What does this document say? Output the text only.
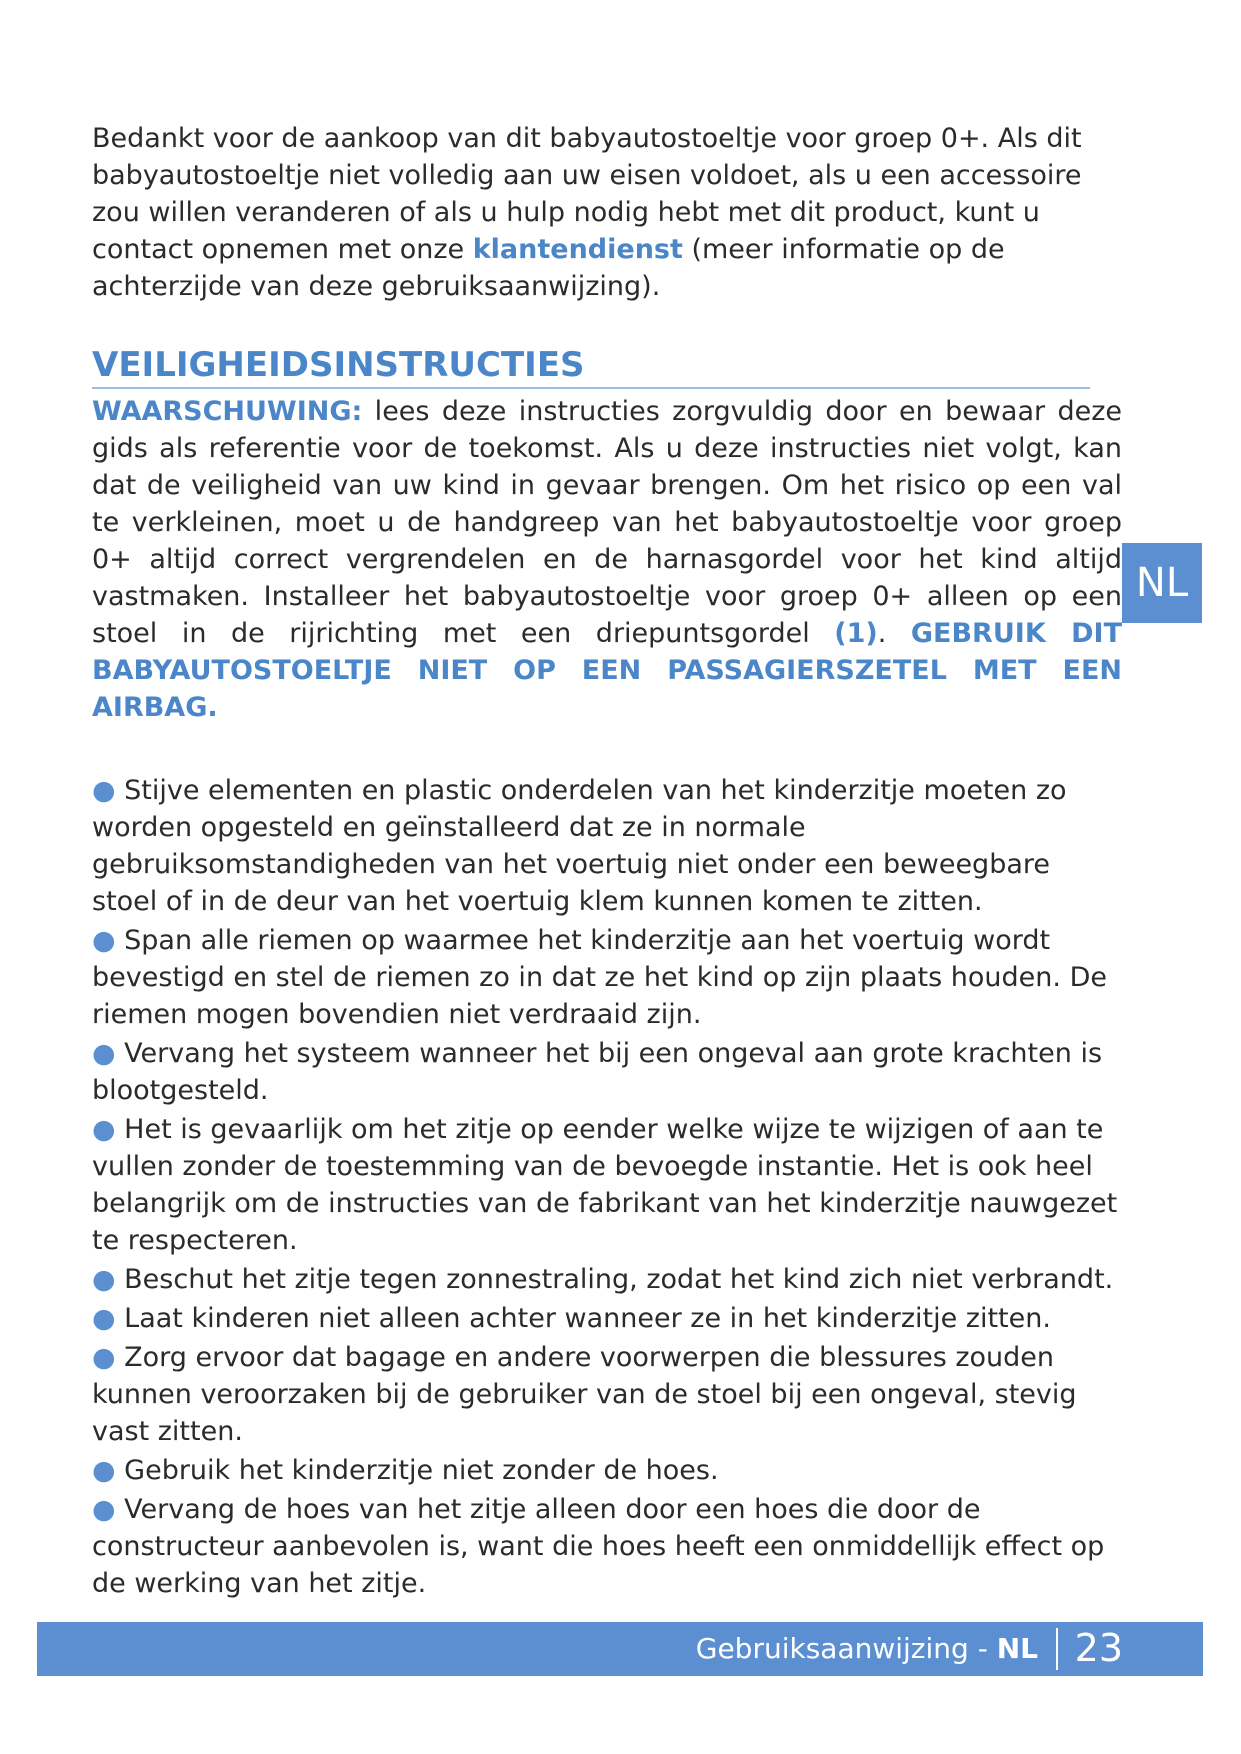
Bedankt voor de aankoop van dit babyautostoeltje voor groep 0+. Als dit babyautostoeltje niet volledig aan uw eisen voldoet, als u een accessoire zou willen veranderen of als u hulp nodig hebt met dit product, kunt u contact opnemen met onze klantendienst (meer informatie op de achterzijde van deze gebruiksaanwijzing).

VEILIGHEIDSINSTRUCTIES

WAARSCHUWING: lees deze instructies zorgvuldig door en bewaar deze gids als referentie voor de toekomst. Als u deze instructies niet volgt, kan dat de veiligheid van uw kind in gevaar brengen. Om het risico op een val te verkleinen, moet u de handgreep van het babyautostoeltje voor groep 0+ altijd correct vergrendelen en de harnasgordel voor het kind altijd vastmaken. Installeer het babyautostoeltje voor groep 0+ alleen op een stoel in de rijrichting met een driepuntsgordel (1). GEBRUIK DIT BABYAUTOSTOELTJE NIET OP EEN PASSAGIERSZETEL MET EEN AIRBAG.

● Stijve elementen en plastic onderdelen van het kinderzitje moeten zo worden opgesteld en geïnstalleerd dat ze in normale gebruiksomstandigheden van het voertuig niet onder een beweegbare stoel of in de deur van het voertuig klem kunnen komen te zitten.
● Span alle riemen op waarmee het kinderzitje aan het voertuig wordt bevestigd en stel de riemen zo in dat ze het kind op zijn plaats houden. De riemen mogen bovendien niet verdraaid zijn.
● Vervang het systeem wanneer het bij een ongeval aan grote krachten is blootgesteld.
● Het is gevaarlijk om het zitje op eender welke wijze te wijzigen of aan te vullen zonder de toestemming van de bevoegde instantie. Het is ook heel belangrijk om de instructies van de fabrikant van het kinderzitje nauwgezet te respecteren.
● Beschut het zitje tegen zonnestraling, zodat het kind zich niet verbrandt.
● Laat kinderen niet alleen achter wanneer ze in het kinderzitje zitten.
● Zorg ervoor dat bagage en andere voorwerpen die blessures zouden kunnen veroorzaken bij de gebruiker van de stoel bij een ongeval, stevig vast zitten.
● Gebruik het kinderzitje niet zonder de hoes.
● Vervang de hoes van het zitje alleen door een hoes die door de constructeur aanbevolen is, want die hoes heeft een onmiddellijk effect op de werking van het zitje.
NL
Gebruiksaanwijzing - NL 23
